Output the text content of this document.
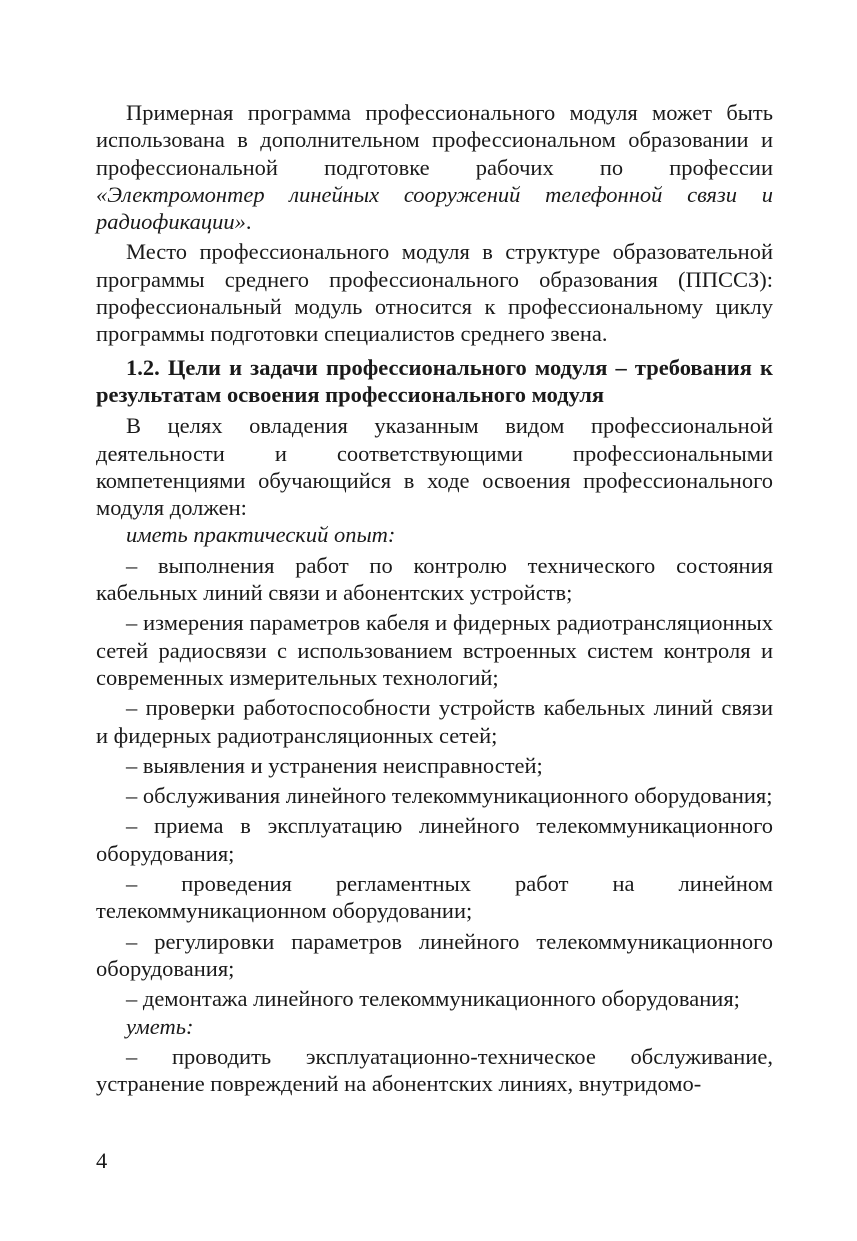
Примерная программа профессионального модуля может быть использована в дополнительном профессиональном образовании и профессиональной подготовке рабочих по профессии «Электромонтер линейных сооружений телефонной связи и радиофикации».

Место профессионального модуля в структуре образовательной программы среднего профессионального образования (ППССЗ): профессиональный модуль относится к профессиональному циклу программы подготовки специалистов среднего звена.

1.2. Цели и задачи профессионального модуля – требования к результатам освоения профессионального модуля

В целях овладения указанным видом профессиональной деятельности и соответствующими профессиональными компетенциями обучающийся в ходе освоения профессионального модуля должен:

иметь практический опыт:

– выполнения работ по контролю технического состояния кабельных линий связи и абонентских устройств;

– измерения параметров кабеля и фидерных радиотрансляционных сетей радиосвязи с использованием встроенных систем контроля и современных измерительных технологий;

– проверки работоспособности устройств кабельных линий связи и фидерных радиотрансляционных сетей;

– выявления и устранения неисправностей;

– обслуживания линейного телекоммуникационного оборудования;

– приема в эксплуатацию линейного телекоммуникационного оборудования;

– проведения регламентных работ на линейном телекоммуникационном оборудовании;

– регулировки параметров линейного телекоммуникационного оборудования;

– демонтажа линейного телекоммуникационного оборудования;

уметь:

– проводить эксплуатационно-техническое обслуживание, устранение повреждений на абонентских линиях, внутридомо-

4
